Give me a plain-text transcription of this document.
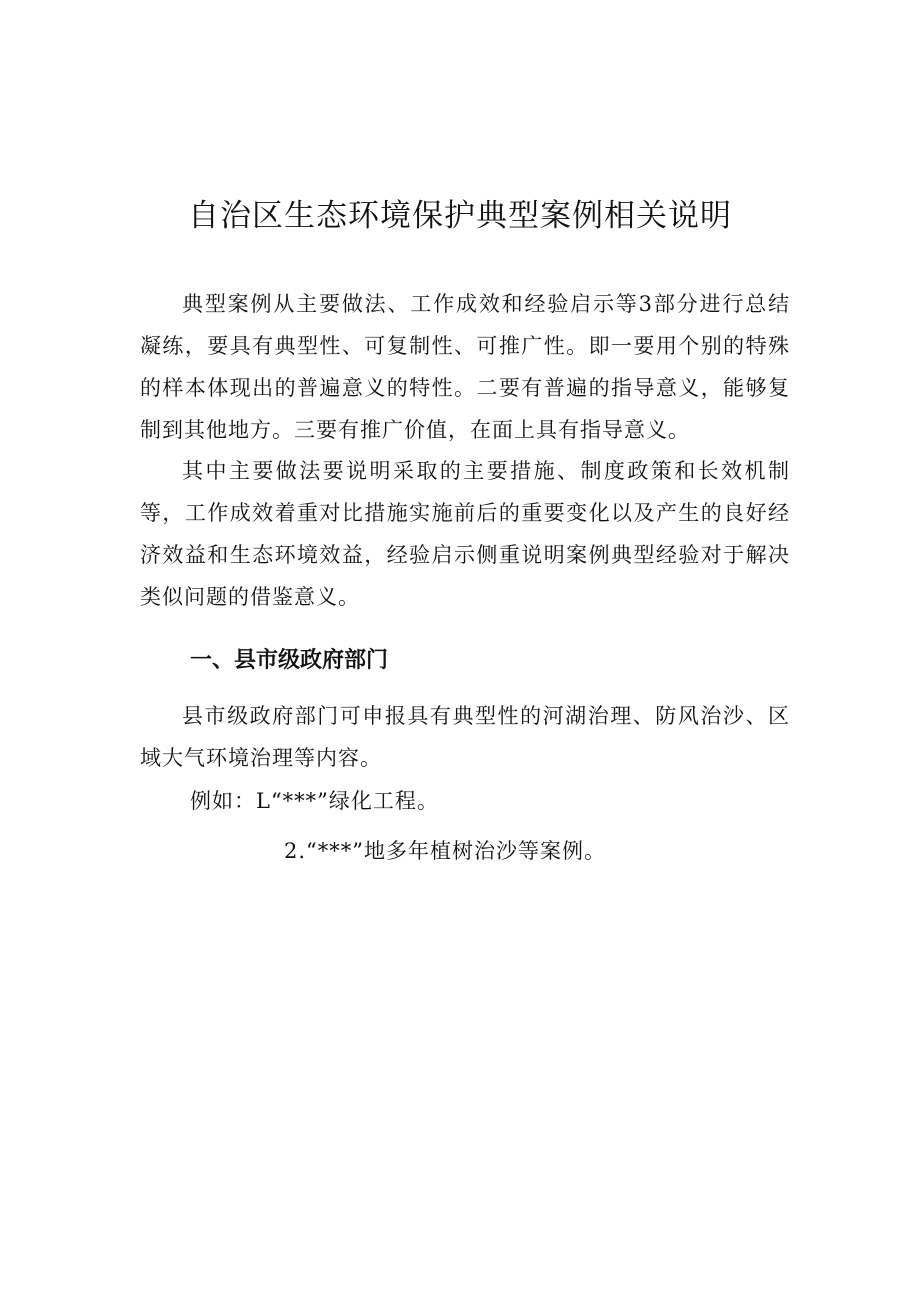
自治区生态环境保护典型案例相关说明

典型案例从主要做法、工作成效和经验启示等3部分进行总结凝练，要具有典型性、可复制性、可推广性。即一要用个别的特殊的样本体现出的普遍意义的特性。二要有普遍的指导意义，能够复制到其他地方。三要有推广价值，在面上具有指导意义。

其中主要做法要说明采取的主要措施、制度政策和长效机制等，工作成效着重对比措施实施前后的重要变化以及产生的良好经济效益和生态环境效益，经验启示侧重说明案例典型经验对于解决类似问题的借鉴意义。

一、县市级政府部门

县市级政府部门可申报具有典型性的河湖治理、防风治沙、区域大气环境治理等内容。

例如：L“***”绿化工程。

2.“***”地多年植树治沙等案例。
